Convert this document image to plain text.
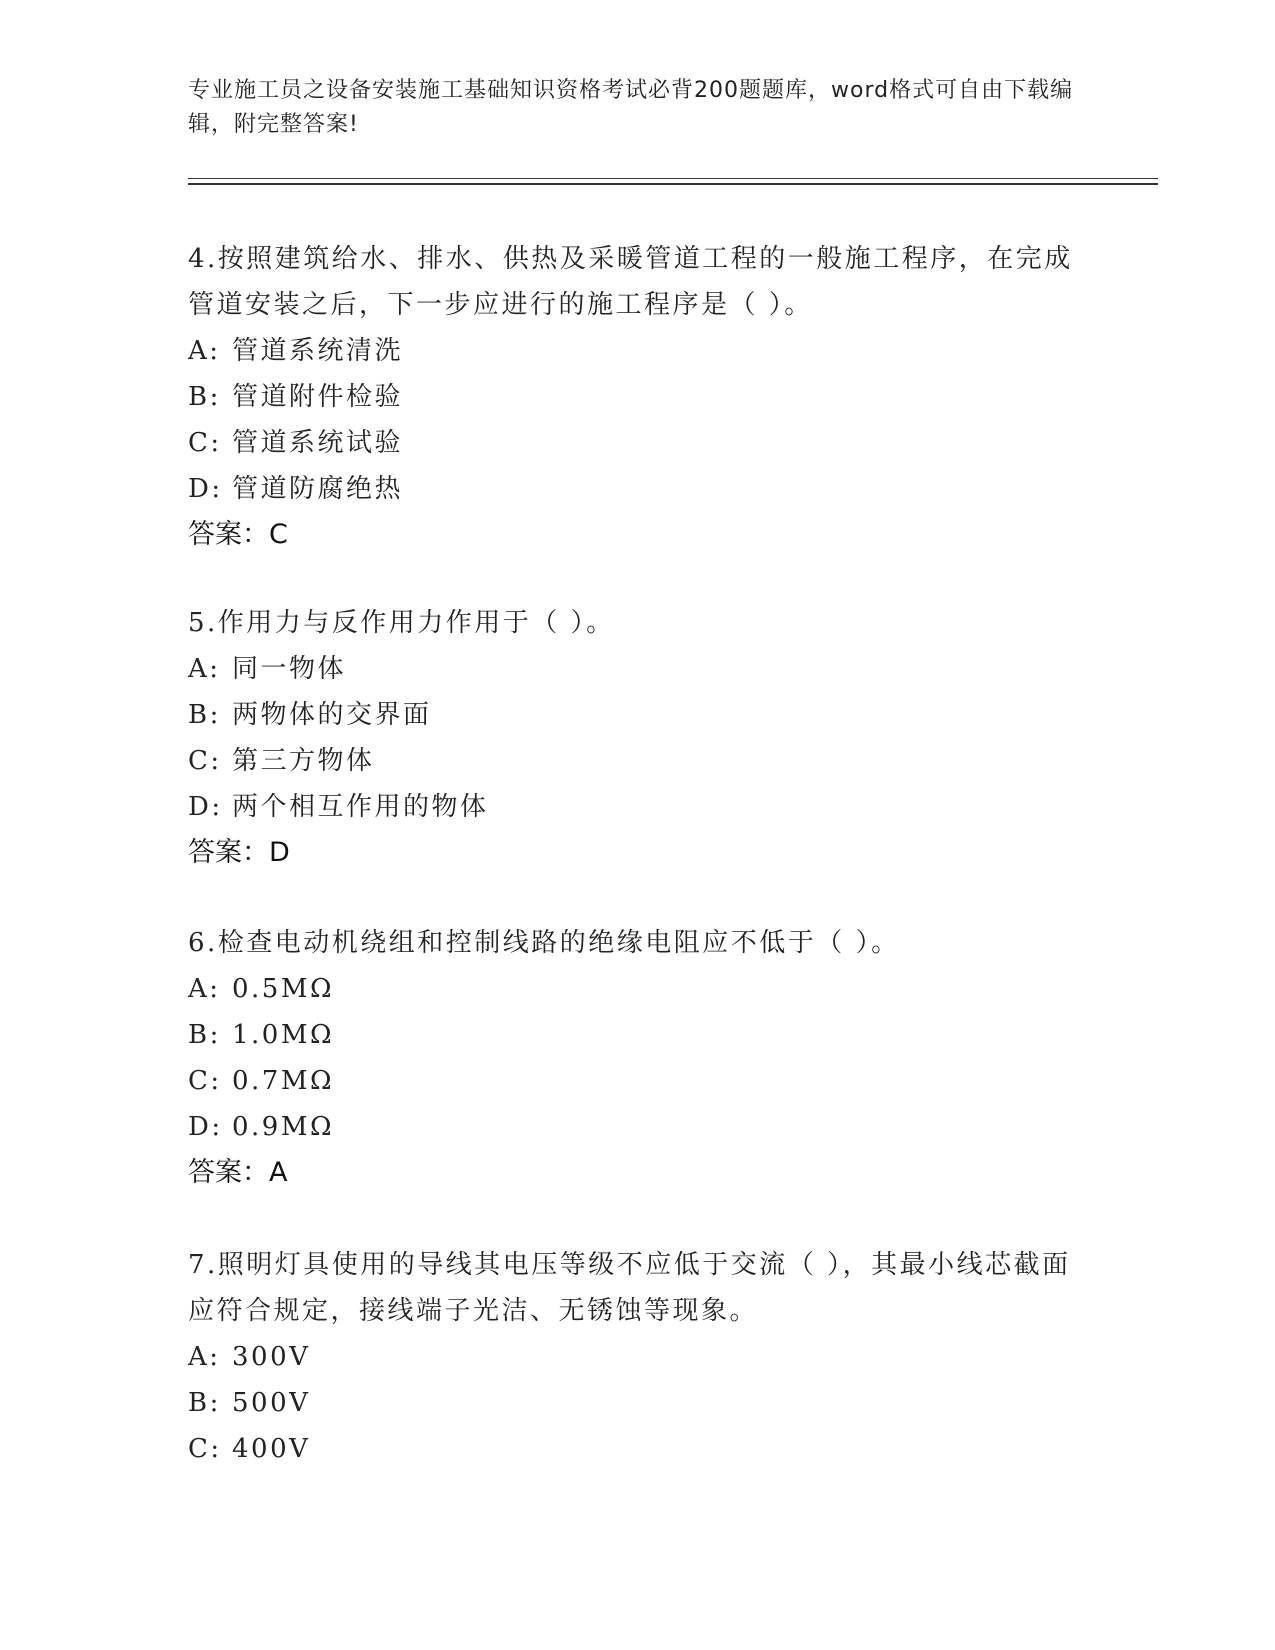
专业施工员之设备安装施工基础知识资格考试必背200题题库，word格式可自由下载编辑，附完整答案!

4.按照建筑给水、排水、供热及采暖管道工程的一般施工程序，在完成管道安装之后，下一步应进行的施工程序是（ ）。

A: 管道系统清洗

B: 管道附件检验

C: 管道系统试验

D: 管道防腐绝热

答案：C

5.作用力与反作用力作用于（ ）。

A: 同一物体

B: 两物体的交界面

C: 第三方物体

D: 两个相互作用的物体

答案：D

6.检查电动机绕组和控制线路的绝缘电阻应不低于（ ）。

A: 0.5MΩ

B: 1.0MΩ

C: 0.7MΩ

D: 0.9MΩ

答案：A

7.照明灯具使用的导线其电压等级不应低于交流（ ），其最小线芯截面应符合规定，接线端子光洁、无锈蚀等现象。

A: 300V

B: 500V

C: 400V
